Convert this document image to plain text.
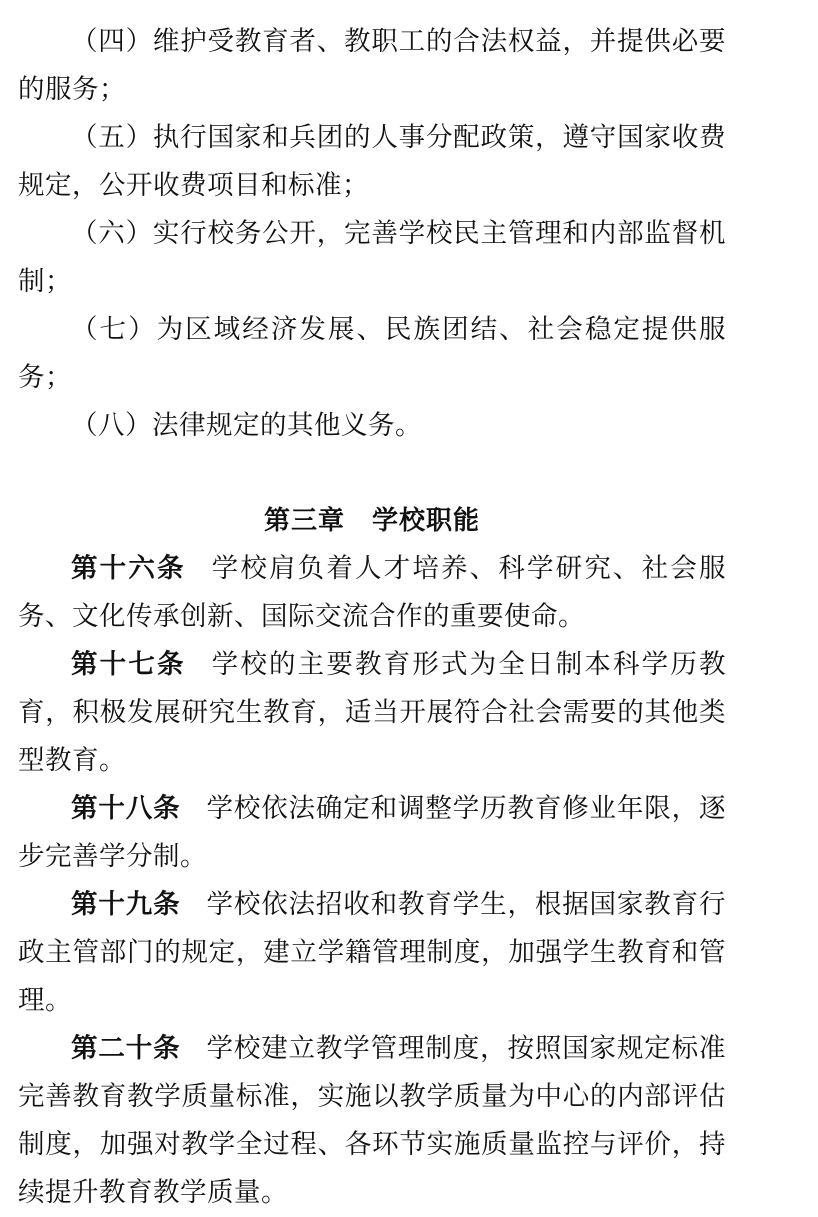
（四）维护受教育者、教职工的合法权益，并提供必要的服务；

（五）执行国家和兵团的人事分配政策，遵守国家收费规定，公开收费项目和标准；

（六）实行校务公开，完善学校民主管理和内部监督机制；

（七）为区域经济发展、民族团结、社会稳定提供服务；

（八）法律规定的其他义务。

第三章　学校职能

第十六条 学校肩负着人才培养、科学研究、社会服务、文化传承创新、国际交流合作的重要使命。

第十七条 学校的主要教育形式为全日制本科学历教育，积极发展研究生教育，适当开展符合社会需要的其他类型教育。

第十八条 学校依法确定和调整学历教育修业年限，逐步完善学分制。

第十九条 学校依法招收和教育学生，根据国家教育行政主管部门的规定，建立学籍管理制度，加强学生教育和管理。

第二十条 学校建立教学管理制度，按照国家规定标准完善教育教学质量标准，实施以教学质量为中心的内部评估制度，加强对教学全过程、各环节实施质量监控与评价，持续提升教育教学质量。
